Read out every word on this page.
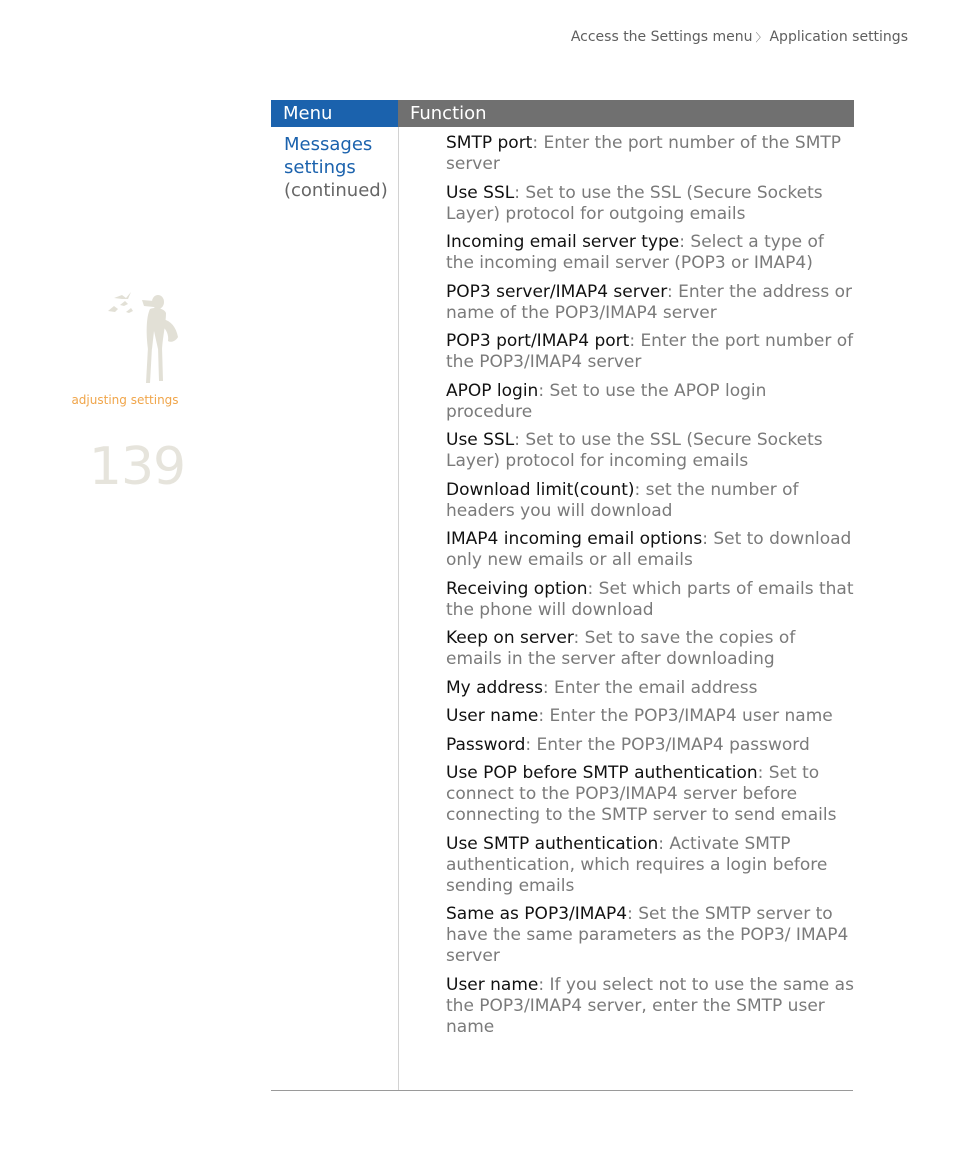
Access the Settings menu 〉 Application settings
adjusting settings
139
Menu	Function
Messages settings
(continued)
SMTP port: Enter the port number of the SMTP server
Use SSL: Set to use the SSL (Secure Sockets Layer) protocol for outgoing emails
Incoming email server type: Select a type of the incoming email server (POP3 or IMAP4)
POP3 server/IMAP4 server: Enter the address or name of the POP3/IMAP4 server
POP3 port/IMAP4 port: Enter the port number of the POP3/IMAP4 server
APOP login: Set to use the APOP login procedure
Use SSL: Set to use the SSL (Secure Sockets Layer) protocol for incoming emails
Download limit(count): set the number of headers you will download
IMAP4 incoming email options: Set to download only new emails or all emails
Receiving option: Set which parts of emails that the phone will download
Keep on server: Set to save the copies of emails in the server after downloading
My address: Enter the email address
User name: Enter the POP3/IMAP4 user name
Password: Enter the POP3/IMAP4 password
Use POP before SMTP authentication: Set to connect to the POP3/IMAP4 server before connecting to the SMTP server to send emails
Use SMTP authentication: Activate SMTP authentication, which requires a login before sending emails
Same as POP3/IMAP4: Set the SMTP server to have the same parameters as the POP3/ IMAP4 server
User name: If you select not to use the same as the POP3/IMAP4 server, enter the SMTP user name
